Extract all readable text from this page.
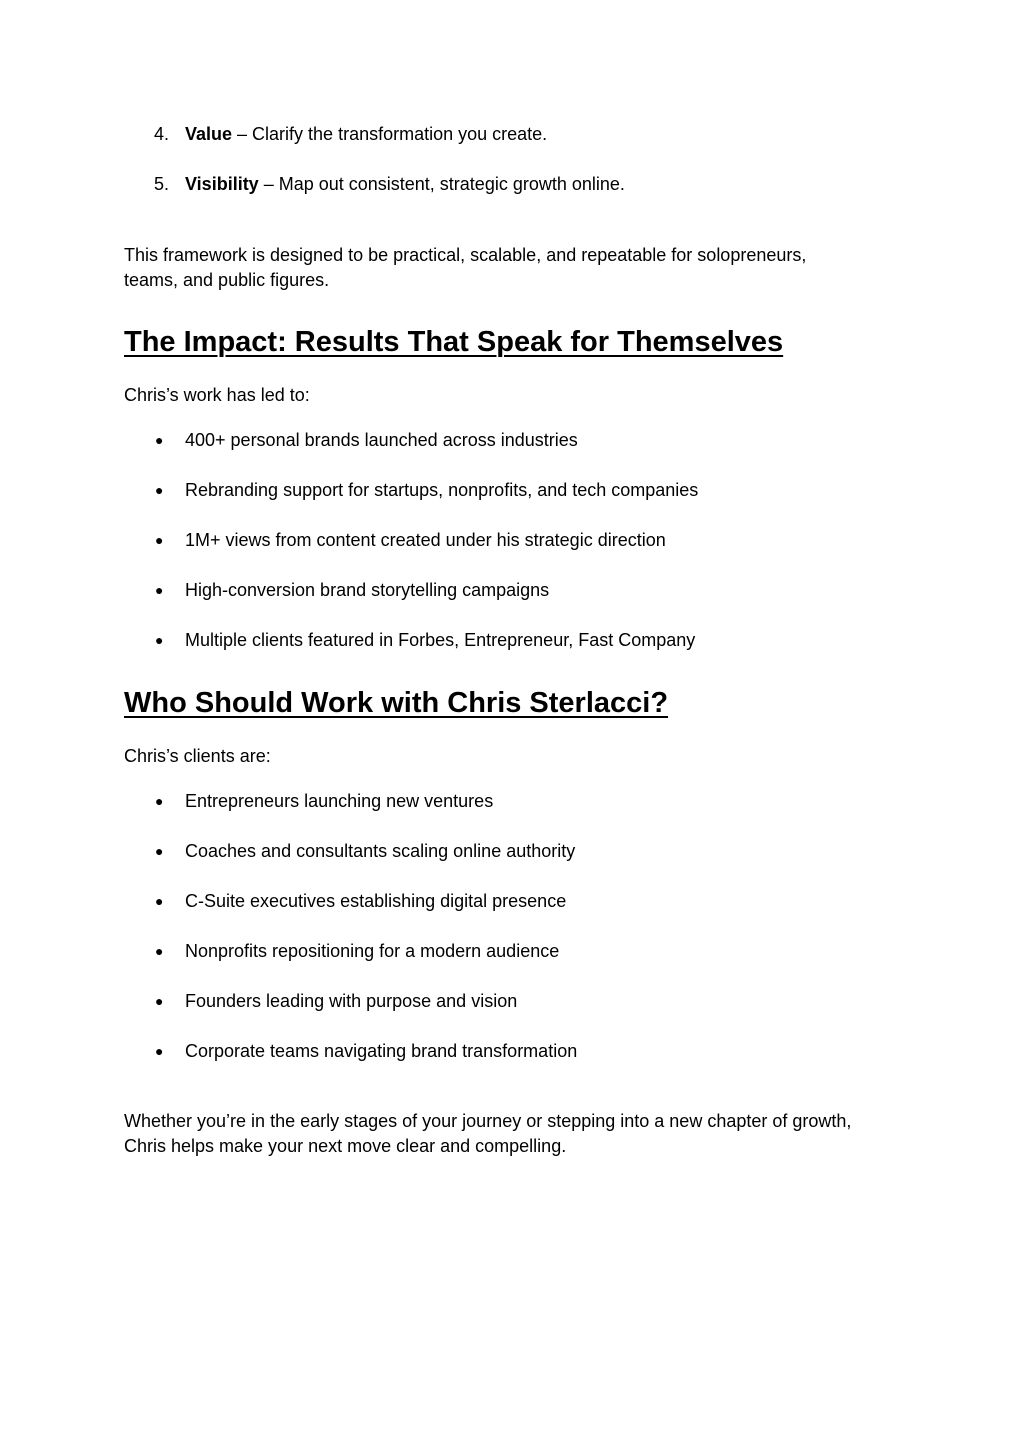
4. Value – Clarify the transformation you create.
5. Visibility – Map out consistent, strategic growth online.
This framework is designed to be practical, scalable, and repeatable for solopreneurs,
teams, and public figures.
The Impact: Results That Speak for Themselves
Chris’s work has led to:
● 400+ personal brands launched across industries
● Rebranding support for startups, nonprofits, and tech companies
● 1M+ views from content created under his strategic direction
● High-conversion brand storytelling campaigns
● Multiple clients featured in Forbes, Entrepreneur, Fast Company
Who Should Work with Chris Sterlacci?
Chris’s clients are:
● Entrepreneurs launching new ventures
● Coaches and consultants scaling online authority
● C-Suite executives establishing digital presence
● Nonprofits repositioning for a modern audience
● Founders leading with purpose and vision
● Corporate teams navigating brand transformation
Whether you’re in the early stages of your journey or stepping into a new chapter of growth,
Chris helps make your next move clear and compelling.
